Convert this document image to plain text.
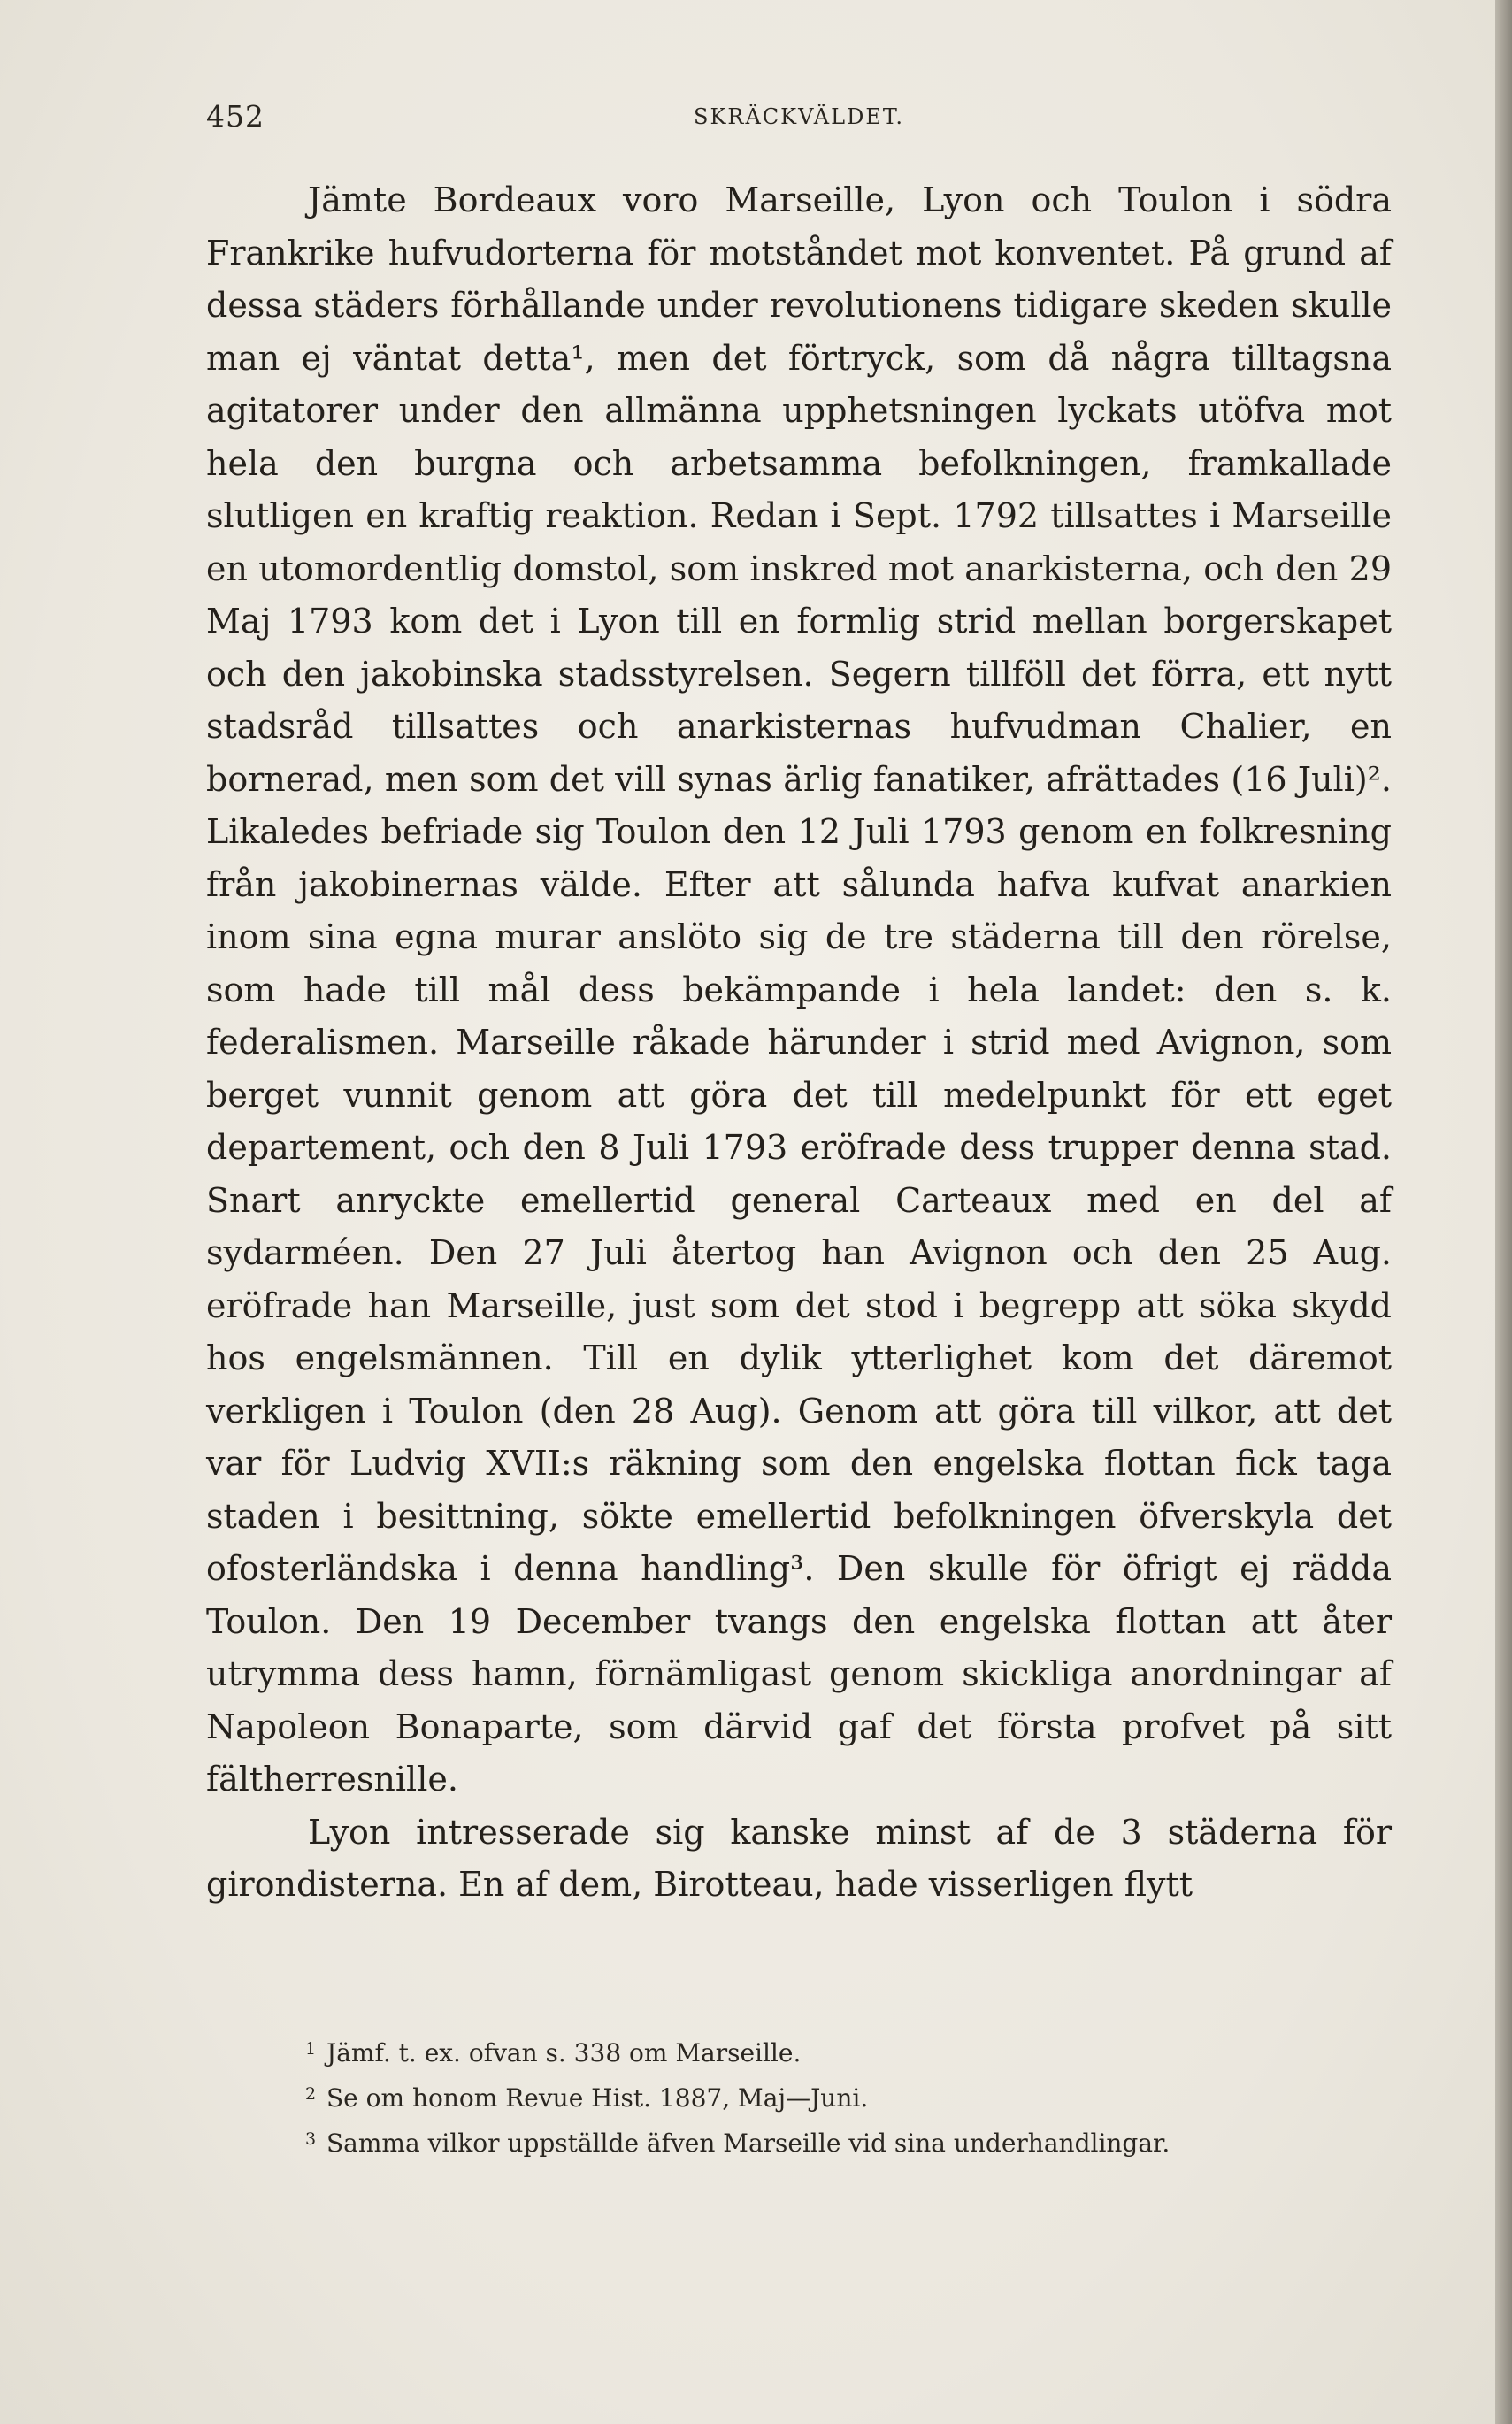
452	SKRÄCKVÄLDET.

Jämte Bordeaux voro Marseille, Lyon och Toulon i södra Frankrike hufvudorterna för motståndet mot konventet. På grund af dessa städers förhållande under revolutionens tidigare skeden skulle man ej väntat detta¹, men det förtryck, som då några tilltagsna agitatorer under den allmänna upphetsningen lyckats utöfva mot hela den burgna och arbetsamma befolkningen, framkallade slutligen en kraftig reaktion. Redan i Sept. 1792 tillsattes i Marseille en utomordentlig domstol, som inskred mot anarkisterna, och den 29 Maj 1793 kom det i Lyon till en formlig strid mellan borgerskapet och den jakobinska stadsstyrelsen. Segern tillföll det förra, ett nytt stadsråd tillsattes och anarkisternas hufvudman Chalier, en bornerad, men som det vill synas ärlig fanatiker, afrättades (16 Juli)². Likaledes befriade sig Toulon den 12 Juli 1793 genom en folkresning från jakobinernas välde. Efter att sålunda hafva kufvat anarkien inom sina egna murar anslöto sig de tre städerna till den rörelse, som hade till mål dess bekämpande i hela landet: den s. k. federalismen. Marseille råkade härunder i strid med Avignon, som berget vunnit genom att göra det till medelpunkt för ett eget departement, och den 8 Juli 1793 eröfrade dess trupper denna stad. Snart anryckte emellertid general Carteaux med en del af sydarméen. Den 27 Juli återtog han Avignon och den 25 Aug. eröfrade han Marseille, just som det stod i begrepp att söka skydd hos engelsmännen. Till en dylik ytterlighet kom det däremot verkligen i Toulon (den 28 Aug). Genom att göra till vilkor, att det var för Ludvig XVII:s räkning som den engelska flottan fick taga staden i besittning, sökte emellertid befolkningen öfverskyla det ofosterländska i denna handling³. Den skulle för öfrigt ej rädda Toulon. Den 19 December tvangs den engelska flottan att åter utrymma dess hamn, förnämligast genom skickliga anordningar af Napoleon Bonaparte, som därvid gaf det första profvet på sitt fältherresnille.

Lyon intresserade sig kanske minst af de 3 städerna för girondisterna. En af dem, Birotteau, hade visserligen flytt

1 Jämf. t. ex. ofvan s. 338 om Marseille.

2 Se om honom Revue Hist. 1887, Maj—Juni.

3 Samma vilkor uppställde äfven Marseille vid sina underhandlingar.
